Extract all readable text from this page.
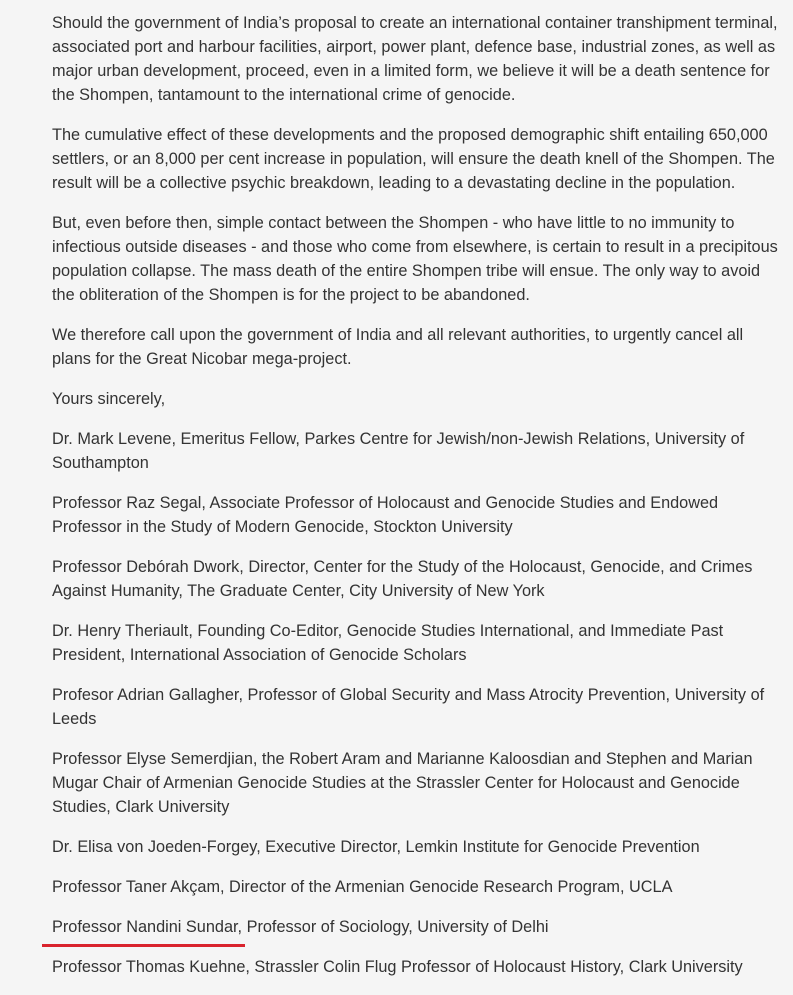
Should the government of India’s proposal to create an international container transhipment terminal, associated port and harbour facilities, airport, power plant, defence base, industrial zones, as well as major urban development, proceed, even in a limited form, we believe it will be a death sentence for the Shompen, tantamount to the international crime of genocide.

The cumulative effect of these developments and the proposed demographic shift entailing 650,000 settlers, or an 8,000 per cent increase in population, will ensure the death knell of the Shompen. The result will be a collective psychic breakdown, leading to a devastating decline in the population.

But, even before then, simple contact between the Shompen - who have little to no immunity to infectious outside diseases - and those who come from elsewhere, is certain to result in a precipitous population collapse. The mass death of the entire Shompen tribe will ensue. The only way to avoid the obliteration of the Shompen is for the project to be abandoned.

We therefore call upon the government of India and all relevant authorities, to urgently cancel all plans for the Great Nicobar mega-project.

Yours sincerely,

Dr. Mark Levene, Emeritus Fellow, Parkes Centre for Jewish/non-Jewish Relations, University of Southampton

Professor Raz Segal, Associate Professor of Holocaust and Genocide Studies and Endowed Professor in the Study of Modern Genocide, Stockton University

Professor Debórah Dwork, Director, Center for the Study of the Holocaust, Genocide, and Crimes Against Humanity, The Graduate Center, City University of New York

Dr. Henry Theriault, Founding Co-Editor, Genocide Studies International, and Immediate Past President, International Association of Genocide Scholars

Profesor Adrian Gallagher, Professor of Global Security and Mass Atrocity Prevention, University of Leeds

Professor Elyse Semerdjian, the Robert Aram and Marianne Kaloosdian and Stephen and Marian Mugar Chair of Armenian Genocide Studies at the Strassler Center for Holocaust and Genocide Studies, Clark University

Dr. Elisa von Joeden-Forgey, Executive Director, Lemkin Institute for Genocide Prevention

Professor Taner Akçam, Director of the Armenian Genocide Research Program, UCLA

Professor Nandini Sundar, Professor of Sociology, University of Delhi

Professor Thomas Kuehne, Strassler Colin Flug Professor of Holocaust History, Clark University
